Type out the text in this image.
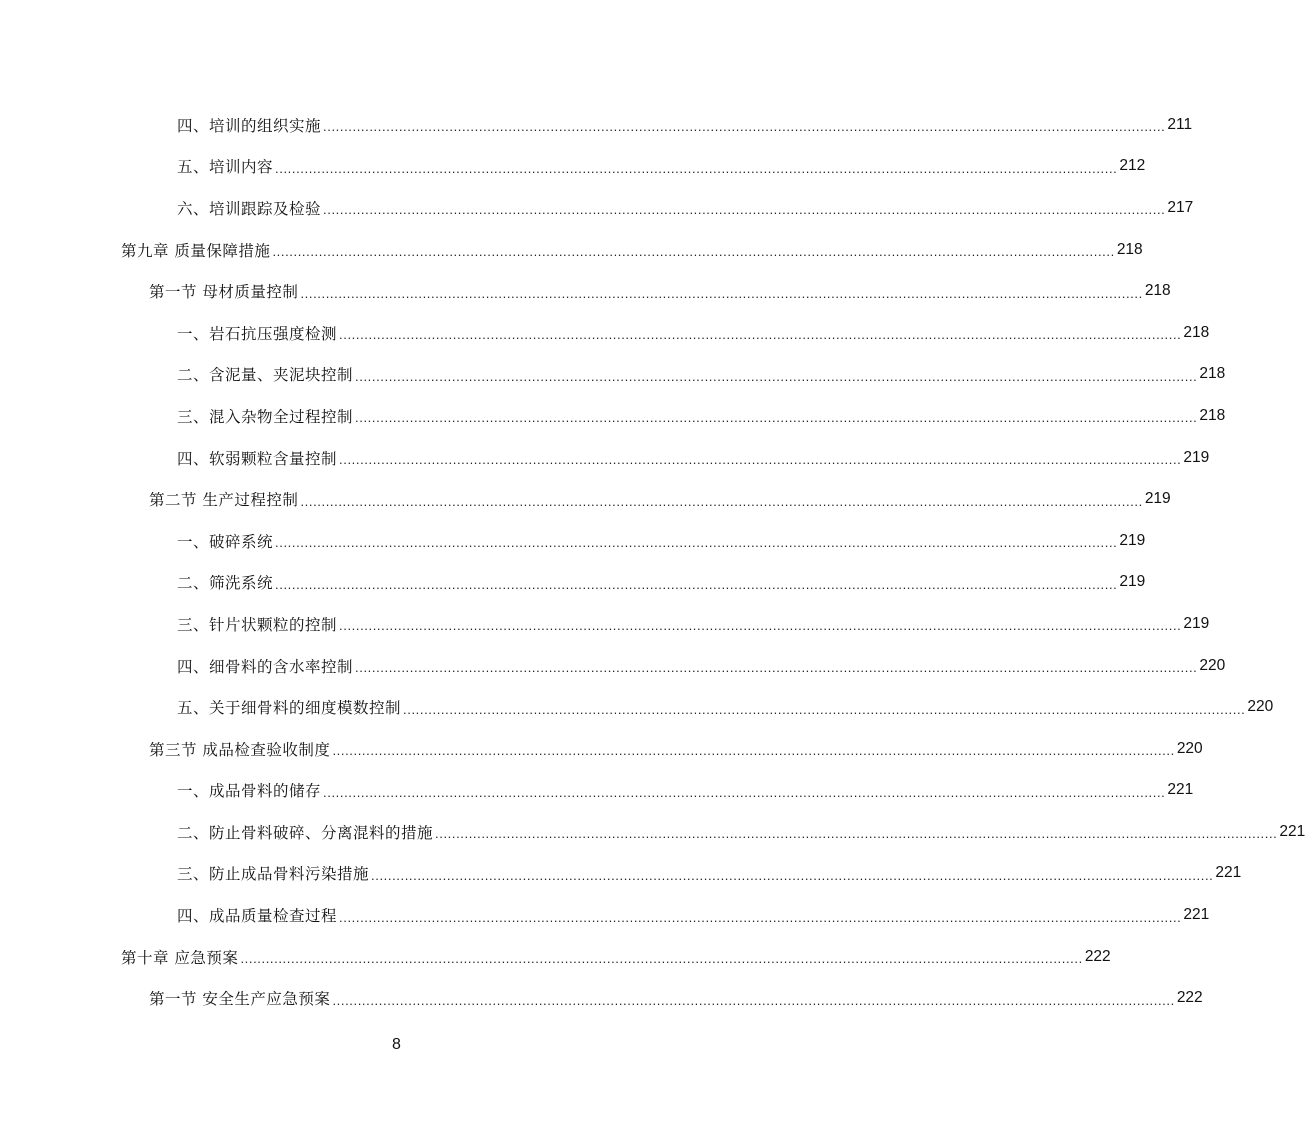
四、培训的组织实施 ........................................................................................................................................................................................................ 211
五、培训内容 ........................................................................................................................................................................................................ 212
六、培训跟踪及检验 ........................................................................................................................................................................................................ 217
第九章 质量保障措施 ........................................................................................................................................................................................................ 218
第一节 母材质量控制 ........................................................................................................................................................................................................ 218
一、岩石抗压强度检测 ........................................................................................................................................................................................................ 218
二、含泥量、夹泥块控制 ........................................................................................................................................................................................................ 218
三、混入杂物全过程控制 ........................................................................................................................................................................................................ 218
四、软弱颗粒含量控制 ........................................................................................................................................................................................................ 219
第二节 生产过程控制 ........................................................................................................................................................................................................ 219
一、破碎系统 ........................................................................................................................................................................................................ 219
二、筛洗系统 ........................................................................................................................................................................................................ 219
三、针片状颗粒的控制 ........................................................................................................................................................................................................ 219
四、细骨料的含水率控制 ........................................................................................................................................................................................................ 220
五、关于细骨料的细度模数控制 ........................................................................................................................................................................................................ 220
第三节 成品检查验收制度 ........................................................................................................................................................................................................ 220
一、成品骨料的储存 ........................................................................................................................................................................................................ 221
二、防止骨料破碎、分离混料的措施 ........................................................................................................................................................................................................ 221
三、防止成品骨料污染措施 ........................................................................................................................................................................................................ 221
四、成品质量检查过程 ........................................................................................................................................................................................................ 221
第十章 应急预案 ........................................................................................................................................................................................................ 222
第一节 安全生产应急预案 ........................................................................................................................................................................................................ 222
8
